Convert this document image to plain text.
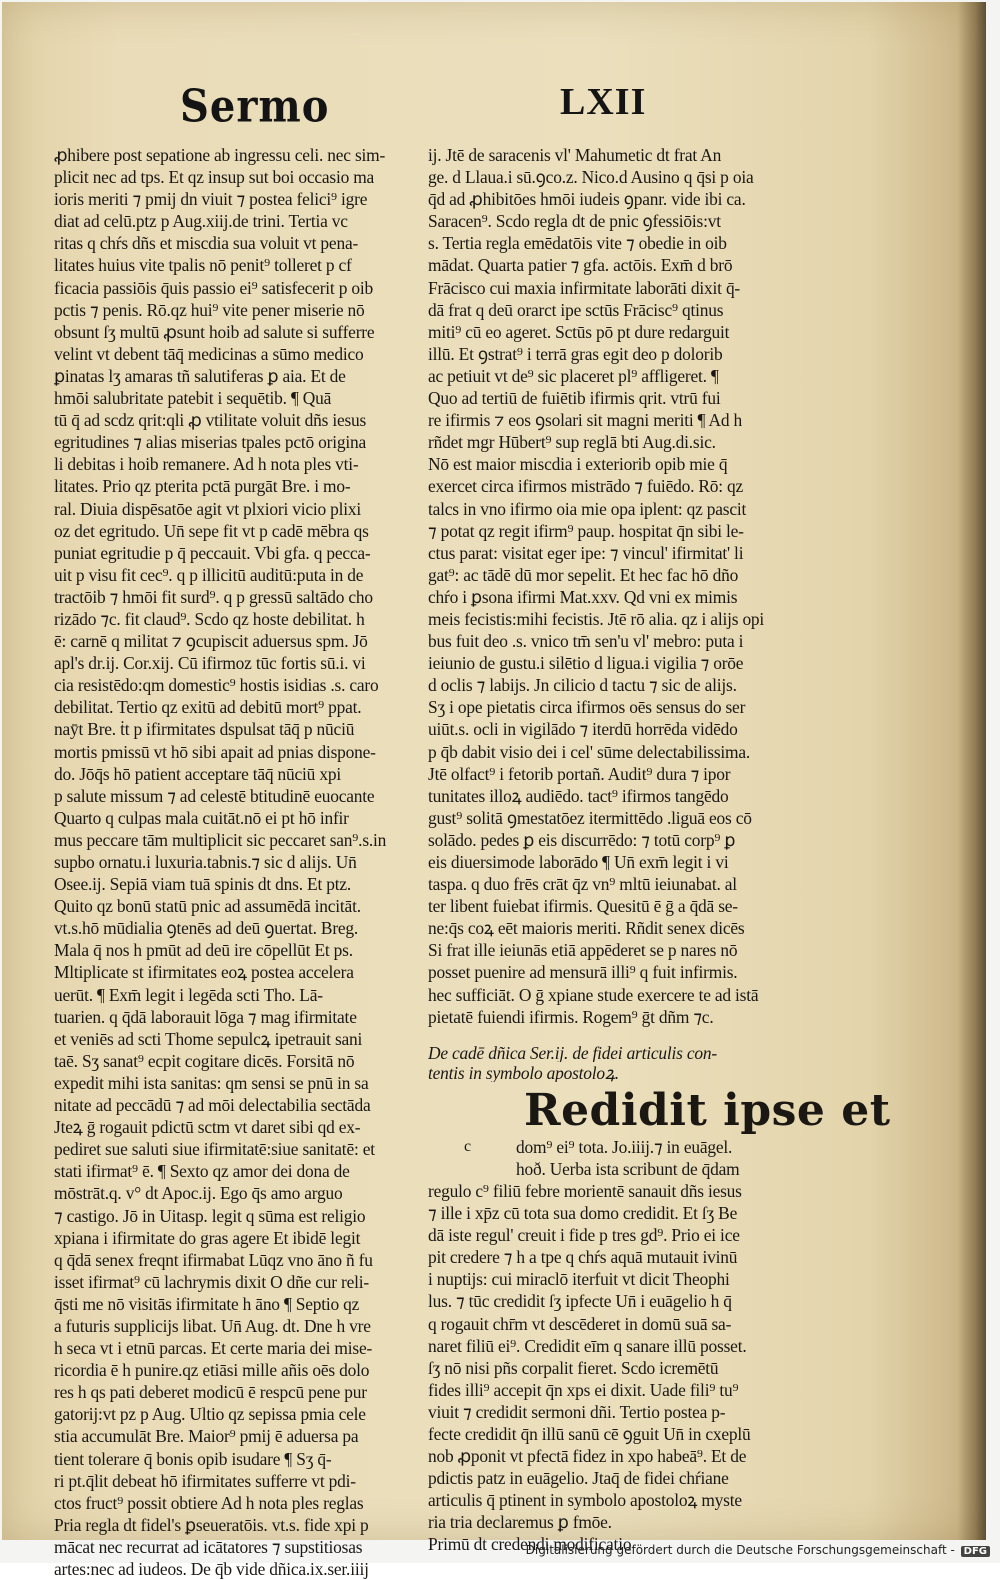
Sermo	LXII
ꝓhibere post sepatione ab ingressu celi. nec sim-
plicit nec ad tps. Et qz insup sut boi occasio ma
ioris meriti ⁊ pmij dn viuit ⁊ postea felici⁹ igre
diat ad celū.ptz p Aug.xiij.de trini. Tertia vc
ritas q chŕs dñs et miscdia sua voluit vt pena-
litates huius vite tpalis nō penit⁹ tolleret p cf
ficacia passiōis q̄uis passio ei⁹ satisfecerit p oib
pctis ⁊ penis. Rō.qz hui⁹ vite pener miserie nō
obsunt ſʒ multū ꝓsunt hoib ad salute si sufferre
velint vt debent tāq̄ medicinas a sūmo medico
ꝑinatas lʒ amaras tñ salutiferas ꝑ aia. Et de
hmōi salubritate patebit i sequētib. ¶ Quā
tū q̄ ad scdz qrit:qli ꝓ vtilitate voluit dñs iesus
egritudines ⁊ alias miserias tpales pctō origina
li debitas i hoib remanere. Ad h nota ples vti-
litates. Prio qz pterita pctā purgāt Bre. i mo-
ral. Diuia dispēsatōe agit vt plxiori vicio plixi
oz det egritudo. Un̄ sepe fit vt p cadē mēbra qs
puniat egritudie p q̄ peccauit. Vbi gfa. q pecca-
uit p visu fit cec⁹. q p illicitū auditū:puta in de
tractōib ⁊ hmōi fit surd⁹. q p gressū saltādo cho
rizādo ⁊c. fit claud⁹. Scdo qz hoste debilitat. h
ē: carnē q militat ⁊ ꝯcupiscit aduersus spm. Jō
apl's dr.ij. Cor.xij. Cū ifirmoz tūc fortis sū.i. vi
cia resistēdo:qm domestic⁹ hostis isidias .s. caro
debilitat. Tertio qz exitū ad debitū mort⁹ ppat.
naȳt Bre. ṫt p ifirmitates dspulsat tāq̄ p nūciū
mortis pmissū vt hō sibi apait ad pnias dispone-
do. Jōq̄s hō patient acceptare tāq̄ nūciū xpi
p salute missum ⁊ ad celestē btitudinē euocante
Quarto q culpas mala cuitāt.nō ei pt hō infir
mus peccare tām multiplicit sic peccaret san⁹.s.in
supbo ornatu.i luxuria.tabnis.⁊ sic d alijs. Un̄
Osee.ij. Sepiā viam tuā spinis dt dns. Et ptz.
Quito qz bonū statū pnic ad assumēdā incitāt.
vt.s.hō mūdialia ꝯtenēs ad deū ꝯuertat. Breg.
Mala q̄ nos h pmūt ad deū ire cōpellūt Et ps.
Mltiplicate st ifirmitates eoꝝ postea accelera
uerūt. ¶ Exm̄ legit i legēda scti Tho. Lā-
tuarien. q q̄dā laborauit lōga ⁊ mag ifirmitate
et veniēs ad scti Thome sepulcꝝ ipetrauit sani
taē. Sʒ sanat⁹ ecpit cogitare dicēs. Forsitā nō
expedit mihi ista sanitas: qm sensi se pnū in sa
nitate ad peccādū ⁊ ad mōi delectabilia sectāda
Jteꝝ ḡ rogauit pdictū sctm vt daret sibi qd ex-
pediret sue saluti siue ifirmitatē:siue sanitatē: et
stati ifirmat⁹ ē. ¶ Sexto qz amor dei dona de
mōstrāt.q. v° dt Apoc.ij. Ego q̄s amo arguo
⁊ castigo. Jō in Uitasp. legit q sūma est religio
xpiana i ifirmitate do gras agere Et ibidē legit
q q̄dā senex freqnt ifirmabat Lūqz vno āno ñ fu
isset ifirmat⁹ cū lachrymis dixit O dñe cur reli-
q̄sti me nō visitās ifirmitate h āno ¶ Septio qz
a futuris supplicijs libat. Un̄ Aug. dt. Dne h vre
h seca vt i etnū parcas. Et certe maria dei mise-
ricordia ē h punire.qz etiāsi mille añis oēs dolo
res h qs pati deberet modicū ē respcū pene pur
gatorij:vt pz p Aug. Ultio qz sepissa pmia cele
stia accumulāt Bre. Maior⁹ pmij ē aduersa pa
tient tolerare q̄ bonis opib isudare ¶ Sʒ q̄-
ri pt.q̄lit debeat hō ifirmitates sufferre vt pdi-
ctos fruct⁹ possit obtiere Ad h nota ples reglas
Pria regla dt fidel's ꝑseueratōis. vt.s. fide xpi p
mācat nec recurrat ad icātatores ⁊ supstitiosas
artes:nec ad iudeos. De q̄b vide dñica.ix.ser.iiij
ij. Jtē de saracenis vl' Mahumetic dt frat An
ge. d Llaua.i sū.ꝯco.z. Nico.d Ausino q q̄si p oia
q̄d ad ꝓhibitōes hmōi iudeis ꝯpanr. vide ibi ca.
Saracen⁹. Scdo regla dt de pnic ꝯfessiōis:vt
s. Tertia regla emēdatōis vite ⁊ obedie in oib
mādat. Quarta patier ⁊ gfa. actōis. Exm̄ d brō
Frācisco cui maxia infirmitate laborāti dixit q̄-
dā frat q deū orarct ipe sctūs Frācisc⁹ qtinus
miti⁹ cū eo ageret. Sctūs pō pt dure redarguit
illū. Et ꝯstrat⁹ i terrā gras egit deo p dolorib
ac petiuit vt de⁹ sic placeret pl⁹ affligeret. ¶
Quo ad tertiū de fuiētib ifirmis qrit. vtrū fui
re ifirmis ⁊ eos ꝯsolari sit magni meriti ¶ Ad h
rñdet mgr Hūbert⁹ sup reglā bti Aug.di.sic.
Nō est maior miscdia i exteriorib opib mie q̄
exercet circa ifirmos mistrādo ⁊ fuiēdo. Rō: qz
talcs in vno ifirmo oia mie opa iplent: qz pascit
⁊ potat qz regit ifirm⁹ paup. hospitat q̄n sibi le-
ctus parat: visitat eger ipe: ⁊ vincul' ifirmitat' li
gat⁹: ac tādē dū mor sepelit. Et hec fac hō dño
chŕo i ꝑsona ifirmi Mat.xxv. Qd vni ex mimis
meis fecistis:mihi fecistis. Jtē rō alia. qz i alijs opi
bus fuit deo .s. vnico tm̄ sen'u vl' mebro: puta i
ieiunio de gustu.i silētio d ligua.i vigilia ⁊ orōe
d oclis ⁊ labijs. Jn cilicio d tactu ⁊ sic de alijs.
Sʒ i ope pietatis circa ifirmos oēs sensus do ser
uiūt.s. ocli in vigilādo ⁊ iterdū horrēda vidēdo
p q̄b dabit visio dei i cel' sūme delectabilissima.
Jtē olfact⁹ i fetorib portañ. Audit⁹ dura ⁊ ipor
tunitates illoꝝ audiēdo. tact⁹ ifirmos tangēdo
gust⁹ solitā ꝯmestatōez itermittēdo .liguā eos cō
solādo. pedes ꝑ eis discurrēdo: ⁊ totū corp⁹ ꝑ
eis diuersimode laborādo ¶ Un̄ exm̄ legit i vi
taspa. q duo frēs crāt q̄z vn⁹ mltū ieiunabat. al
ter libent fuiebat ifirmis. Quesitū ē ḡ a q̄dā se-
ne:q̄s coꝝ eēt maioris meriti. Rñdit senex dicēs
Si frat ille ieiunās etiā appēderet se p nares nō
posset puenire ad mensurā illi⁹ q fuit infirmis.
hec sufficiāt. O ḡ xpiane stude exercere te ad istā
pietatē fuiendi ifirmis. Rogem⁹ ḡt dñm ⁊c.
De cadē dñica Ser.ij. de fidei articulis con-
tentis in symbolo apostoloꝝ.
Redidit ipse et
c	dom⁹ ei⁹ tota. Jo.iiij.⁊ in euāgel.
hoð. Uerba ista scribunt de q̄dam
regulo c⁹ filiū febre morientē sanauit dñs iesus
⁊ ille i xp̄z cū tota sua domo credidit. Et ſʒ Be
dā iste regul' creuit i fide p tres gd⁹. Prio ei ice
pit credere ⁊ h a tpe q chŕs aquā mutauit ivinū
i nuptijs: cui miraclō iterfuit vt dicit Theophi
lus. ⁊ tūc credidit ſʒ ipfecte Un̄ i euāgelio h q̄
q rogauit chr̄m vt descēderet in domū suā sa-
naret filiū ei⁹. Credidit eīm q sanare illū posset.
ſʒ nō nisi pñs corpalit fieret. Scdo icremētū
fides illi⁹ accepit q̄n xps ei dixit. Uade fili⁹ tu⁹
viuit ⁊ credidit sermoni dñi. Tertio postea p-
fecte credidit q̄n illū sanū cē ꝯguit Un̄ in cxeplū
nob ꝓponit vt pfectā fidez in xpo habeā⁹. Et de
pdictis patz in euāgelio. Jtaq̄ de fidei chŕiane
articulis q̄ ptinent in symbolo apostoloꝝ myste
ria tria declaremus ꝑ fmōe.
Primū dt credendi modificatio
Digitalisierung gefördert durch die Deutsche Forschungsgemeinschaft - DFG
